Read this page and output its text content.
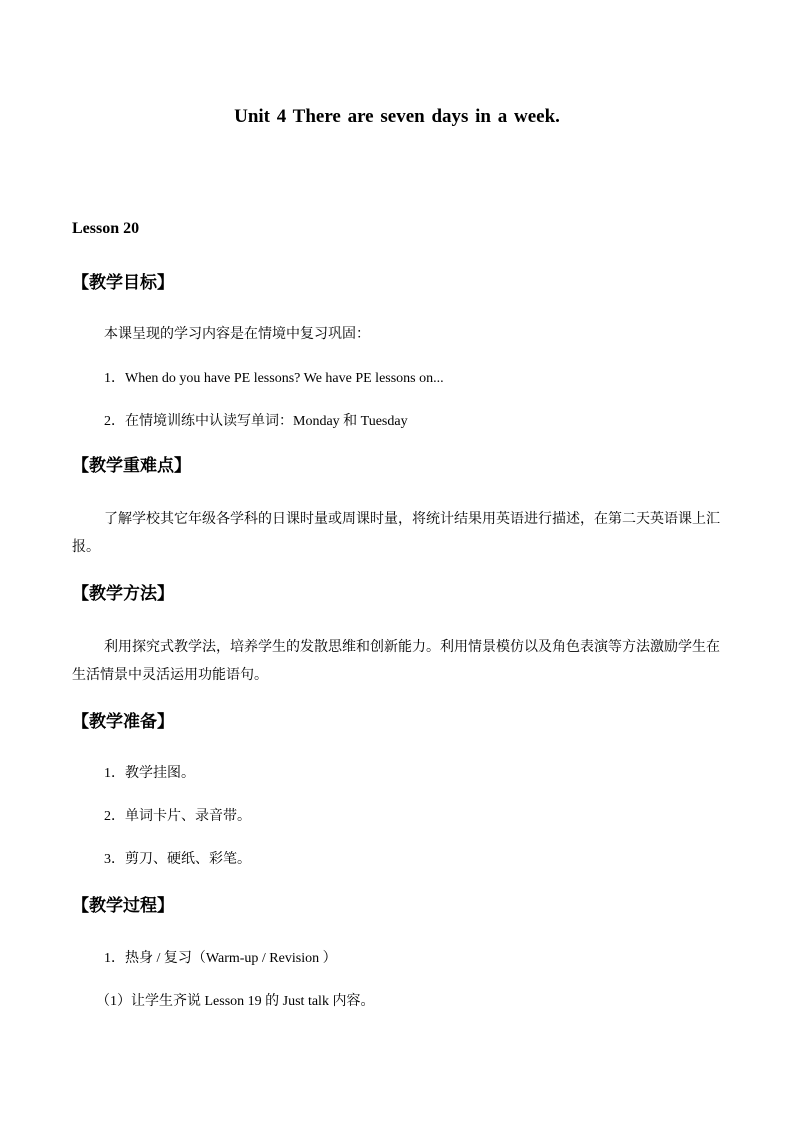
Unit 4 There are seven days in a week.
Lesson 20
【教学目标】
本课呈现的学习内容是在情境中复习巩固：
1．When do you have PE lessons? We have PE lessons on...
2．在情境训练中认读写单词：Monday 和 Tuesday
【教学重难点】
了解学校其它年级各学科的日课时量或周课时量，将统计结果用英语进行描述，在第二天英语课上汇报。
【教学方法】
利用探究式教学法，培养学生的发散思维和创新能力。利用情景模仿以及角色表演等方法激励学生在生活情景中灵活运用功能语句。
【教学准备】
1．教学挂图。
2．单词卡片、录音带。
3．剪刀、硬纸、彩笔。
【教学过程】
1．热身 / 复习（Warm-up / Revision ）
（1）让学生齐说 Lesson 19 的 Just talk 内容。
